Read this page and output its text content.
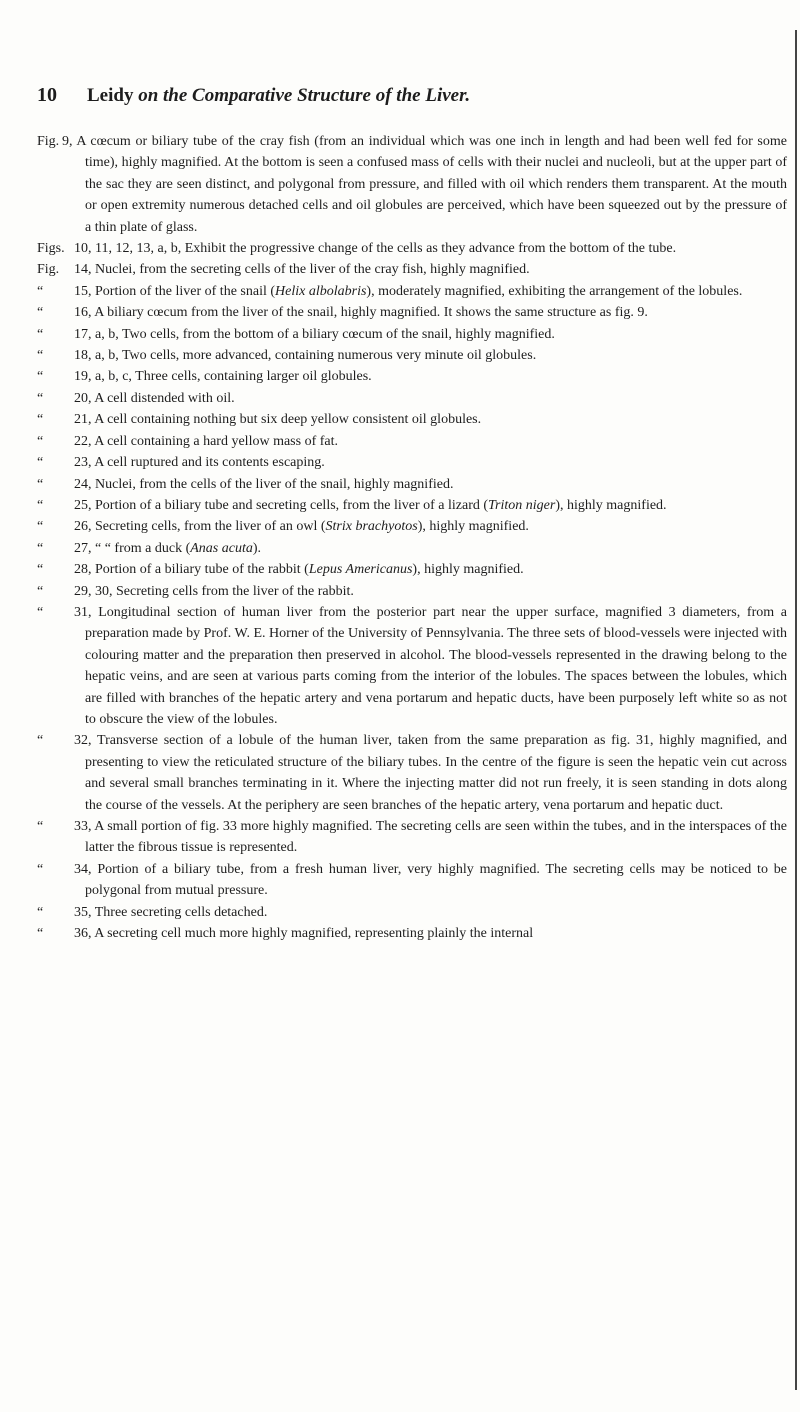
10 Leidy on the Comparative Structure of the Liver.

Fig. 9, A cœcum or biliary tube of the cray fish (from an individual which was one inch in length and had been well fed for some time), highly magnified. At the bottom is seen a confused mass of cells with their nuclei and nucleoli, but at the upper part of the sac they are seen distinct, and polygonal from pressure, and filled with oil which renders them transparent. At the mouth or open extremity numerous detached cells and oil globules are perceived, which have been squeezed out by the pressure of a thin plate of glass.

Figs. 10, 11, 12, 13, a, b, Exhibit the progressive change of the cells as they advance from the bottom of the tube.

Fig.	14, Nuclei, from the secreting cells of the liver of the cray fish, highly magnified.

“	15, Portion of the liver of the snail (Helix albolabris), moderately magnified, exhibiting the arrangement of the lobules.

“	16, A biliary cœcum from the liver of the snail, highly magnified. It shows the same structure as fig. 9.

“	17, a, b, Two cells, from the bottom of a biliary cœcum of the snail, highly magnified.

“	18, a, b, Two cells, more advanced, containing numerous very minute oil globules.

“	19, a, b, c, Three cells, containing larger oil globules.

“	20, A cell distended with oil.

“	21, A cell containing nothing but six deep yellow consistent oil globules.

“	22, A cell containing a hard yellow mass of fat.

“	23, A cell ruptured and its contents escaping.

“	24, Nuclei, from the cells of the liver of the snail, highly magnified.

“	25, Portion of a biliary tube and secreting cells, from the liver of a lizard (Triton niger), highly magnified.

“	26, Secreting cells, from the liver of an owl (Strix brachyotos), highly magnified.

“	27, “ “ from a duck (Anas acuta).

“	28, Portion of a biliary tube of the rabbit (Lepus Americanus), highly magnified.

“	29, 30, Secreting cells from the liver of the rabbit.

“	31, Longitudinal section of human liver from the posterior part near the upper surface, magnified 3 diameters, from a preparation made by Prof. W. E. Horner of the University of Pennsylvania. The three sets of blood-vessels were injected with colouring matter and the preparation then preserved in alcohol. The blood-vessels represented in the drawing belong to the hepatic veins, and are seen at various parts coming from the interior of the lobules. The spaces between the lobules, which are filled with branches of the hepatic artery and vena portarum and hepatic ducts, have been purposely left white so as not to obscure the view of the lobules.

“	32, Transverse section of a lobule of the human liver, taken from the same preparation as fig. 31, highly magnified, and presenting to view the reticulated structure of the biliary tubes. In the centre of the figure is seen the hepatic vein cut across and several small branches terminating in it. Where the injecting matter did not run freely, it is seen standing in dots along the course of the vessels. At the periphery are seen branches of the hepatic artery, vena portarum and hepatic duct.

“	33, A small portion of fig. 33 more highly magnified. The secreting cells are seen within the tubes, and in the interspaces of the latter the fibrous tissue is represented.

“	34, Portion of a biliary tube, from a fresh human liver, very highly magnified. The secreting cells may be noticed to be polygonal from mutual pressure.

“	35, Three secreting cells detached.

“	36, A secreting cell much more highly magnified, representing plainly the internal
